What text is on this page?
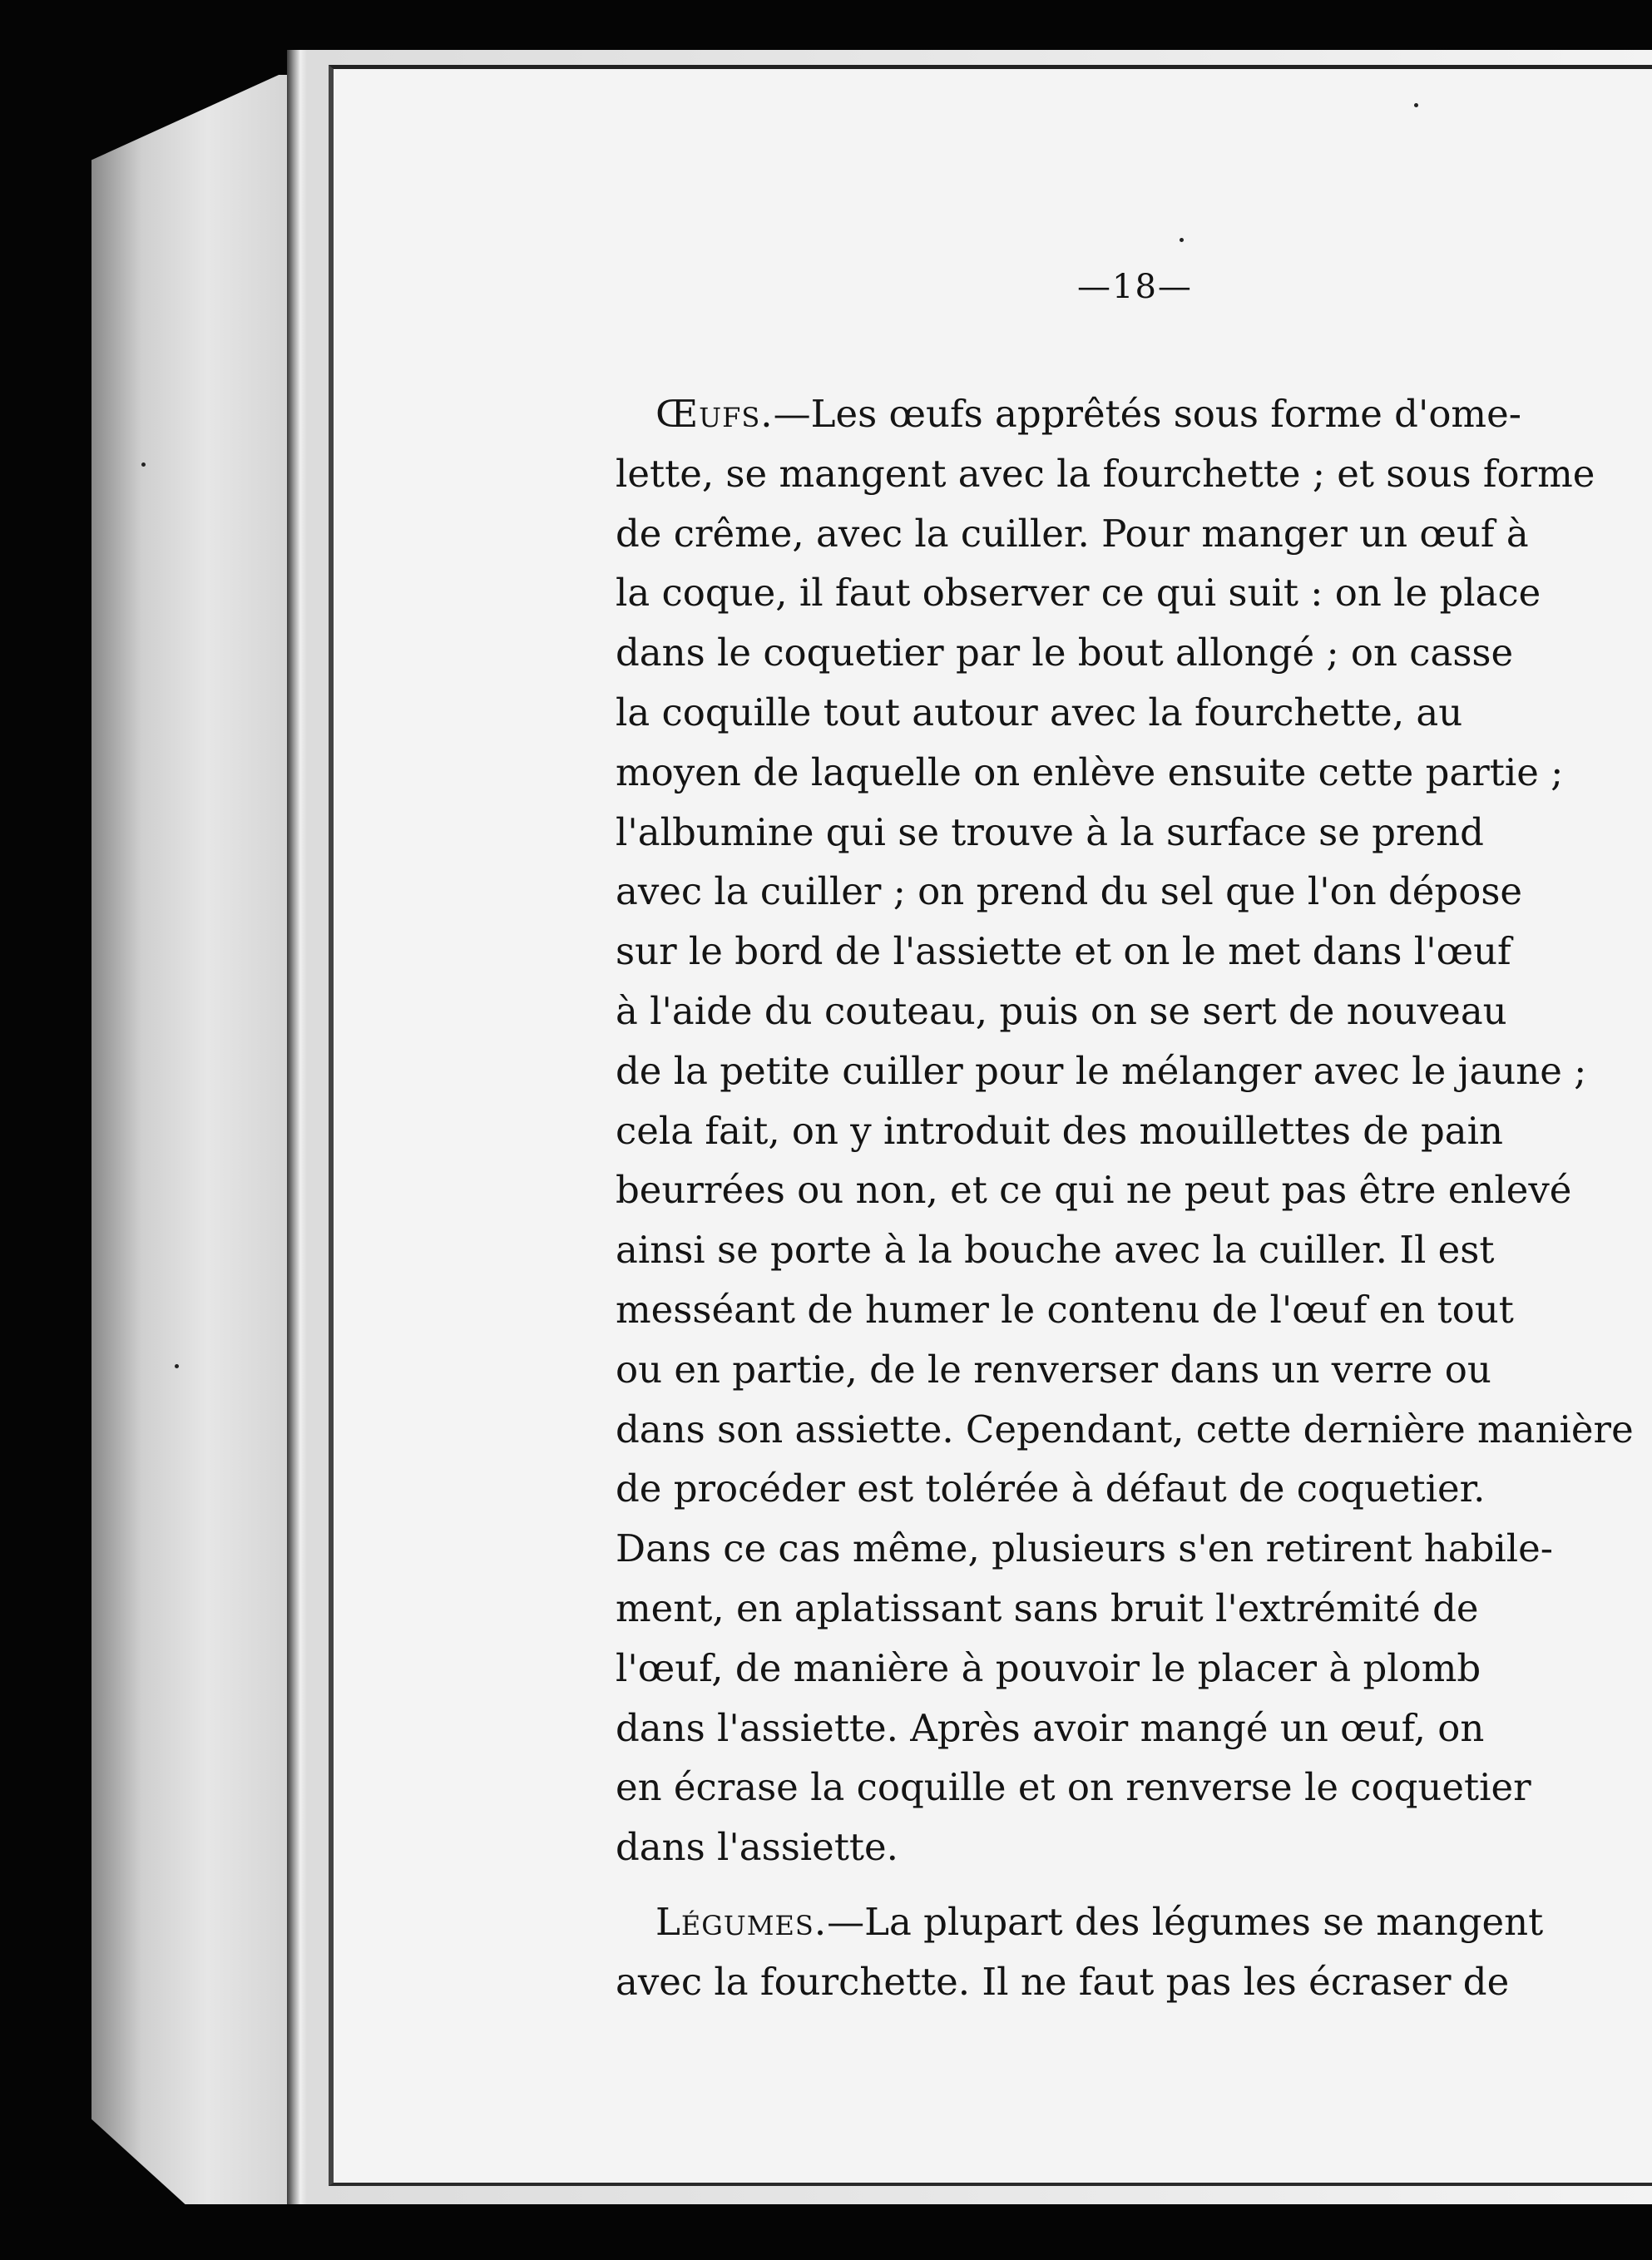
—18—
Œufs.—Les œufs apprêtés sous forme d'ome-
lette, se mangent avec la fourchette ; et sous forme
de crême, avec la cuiller. Pour manger un œuf à
la coque, il faut observer ce qui suit : on le place
dans le coquetier par le bout allongé ; on casse
la coquille tout autour avec la fourchette, au
moyen de laquelle on enlève ensuite cette partie ;
l'albumine qui se trouve à la surface se prend
avec la cuiller ; on prend du sel que l'on dépose
sur le bord de l'assiette et on le met dans l'œuf
à l'aide du couteau, puis on se sert de nouveau
de la petite cuiller pour le mélanger avec le jaune ;
cela fait, on y introduit des mouillettes de pain
beurrées ou non, et ce qui ne peut pas être enlevé
ainsi se porte à la bouche avec la cuiller. Il est
messéant de humer le contenu de l'œuf en tout
ou en partie, de le renverser dans un verre ou
dans son assiette. Cependant, cette dernière manière
de procéder est tolérée à défaut de coquetier.
Dans ce cas même, plusieurs s'en retirent habile-
ment, en aplatissant sans bruit l'extrémité de
l'œuf, de manière à pouvoir le placer à plomb
dans l'assiette. Après avoir mangé un œuf, on
en écrase la coquille et on renverse le coquetier
dans l'assiette.
Légumes.—La plupart des légumes se mangent
avec la fourchette. Il ne faut pas les écraser de
